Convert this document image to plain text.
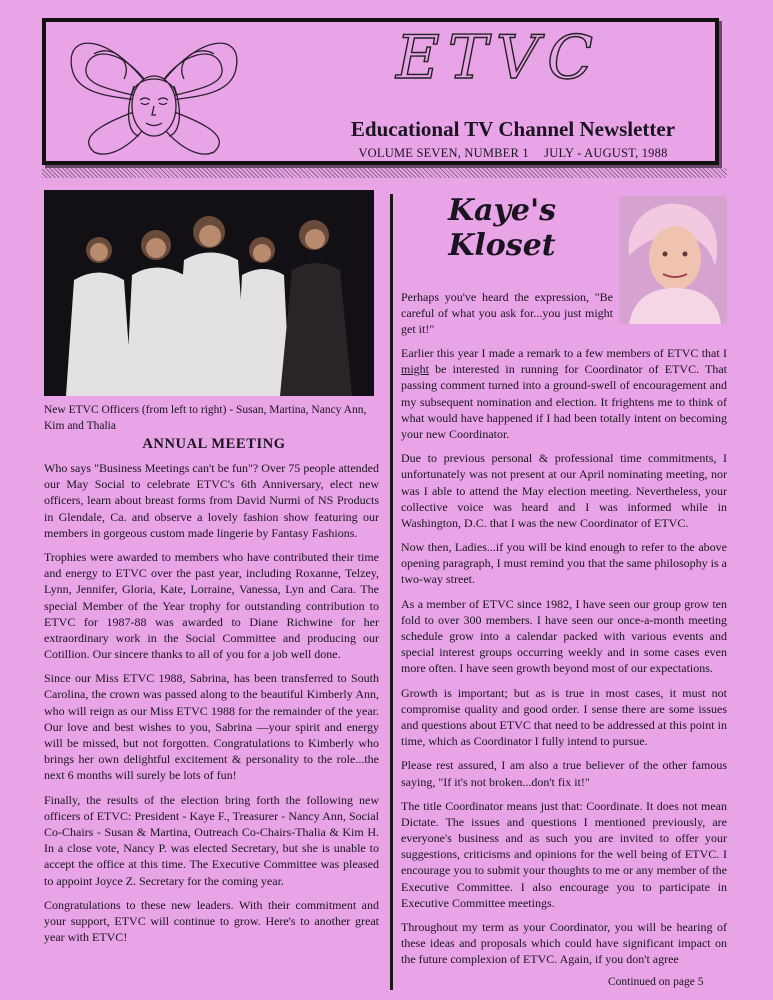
ETVC
Educational TV Channel Newsletter
VOLUME SEVEN, NUMBER 1 JULY - AUGUST, 1988
New ETVC Officers (from left to right) - Susan, Martina, Nancy Ann, Kim and Thalia
ANNUAL MEETING

Who says "Business Meetings can't be fun"? Over 75 people attended our May Social to celebrate ETVC's 6th Anniversary, elect new officers, learn about breast forms from David Nurmi of NS Products in Glendale, Ca. and observe a lovely fashion show featuring our members in gorgeous custom made lingerie by Fantasy Fashions.

Trophies were awarded to members who have contributed their time and energy to ETVC over the past year, including Roxanne, Telzey, Lynn, Jennifer, Gloria, Kate, Lorraine, Vanessa, Lyn and Cara. The special Member of the Year trophy for outstanding contribution to ETVC for 1987-88 was awarded to Diane Richwine for her extraordinary work in the Social Committee and producing our Cotillion. Our sincere thanks to all of you for a job well done.

Since our Miss ETVC 1988, Sabrina, has been transferred to South Carolina, the crown was passed along to the beautiful Kimberly Ann, who will reign as our Miss ETVC 1988 for the remainder of the year. Our love and best wishes to you, Sabrina —your spirit and energy will be missed, but not forgotten. Congratulations to Kimberly who brings her own delightful excitement & personality to the role...the next 6 months will surely be lots of fun!

Finally, the results of the election bring forth the following new officers of ETVC: President - Kaye F., Treasurer - Nancy Ann, Social Co-Chairs - Susan & Martina, Outreach Co-Chairs-Thalia & Kim H. In a close vote, Nancy P. was elected Secretary, but she is unable to accept the office at this time. The Executive Committee was pleased to appoint Joyce Z. Secretary for the coming year.

Congratulations to these new leaders. With their commitment and your support, ETVC will continue to grow. Here's to another great year with ETVC!

Kaye's
Kloset

Perhaps you've heard the expression, "Be careful of what you ask for...you just might get it!"

Earlier this year I made a remark to a few members of ETVC that I might be interested in running for Coordinator of ETVC. That passing comment turned into a ground-swell of encouragement and my subsequent nomination and election. It frightens me to think of what would have happened if I had been totally intent on becoming your new Coordinator.

Due to previous personal & professional time commitments, I unfortunately was not present at our April nominating meeting, nor was I able to attend the May election meeting. Nevertheless, your collective voice was heard and I was informed while in Washington, D.C. that I was the new Coordinator of ETVC.

Now then, Ladies...if you will be kind enough to refer to the above opening paragraph, I must remind you that the same philosophy is a two-way street.

As a member of ETVC since 1982, I have seen our group grow ten fold to over 300 members. I have seen our once-a-month meeting schedule grow into a calendar packed with various events and special interest groups occurring weekly and in some cases even more often. I have seen growth beyond most of our expectations.

Growth is important; but as is true in most cases, it must not compromise quality and good order. I sense there are some issues and questions about ETVC that need to be addressed at this point in time, which as Coordinator I fully intend to pursue.

Please rest assured, I am also a true believer of the other famous saying, "If it's not broken...don't fix it!"

The title Coordinator means just that: Coordinate. It does not mean Dictate. The issues and questions I mentioned previously, are everyone's business and as such you are invited to offer your suggestions, criticisms and opinions for the well being of ETVC. I encourage you to submit your thoughts to me or any member of the Executive Committee. I also encourage you to participate in Executive Committee meetings.

Throughout my term as your Coordinator, you will be hearing of these ideas and proposals which could have significant impact on the future complexion of ETVC. Again, if you don't agree

Continued on page 5
